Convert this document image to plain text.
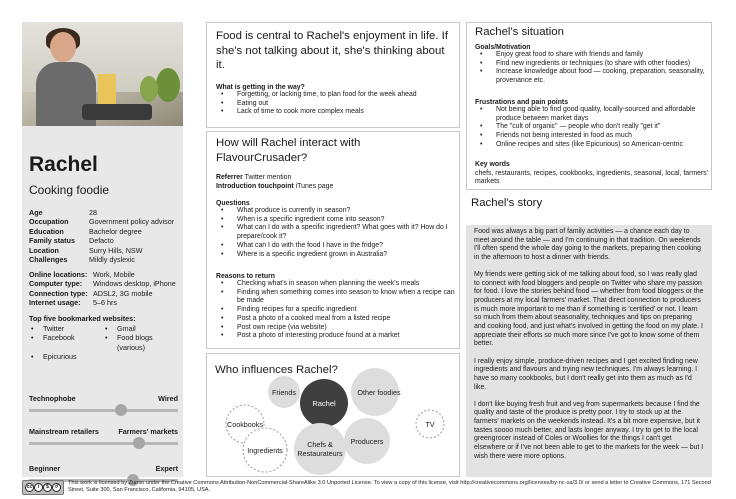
Rachel
Cooking foodie
Age	28
Occupation	Government policy advisor
Education	Bachelor degree
Family status	Defacto
Location	Surry Hills, NSW
Challenges	Mildly dyslexic
Online locations: Work, Mobile
Computer type:	Windows desktop, iPhone
Connection type: ADSL2, 3G mobile
Internet usage:	5–6 hrs
Top five bookmarked websites:
• Twitter	• Gmail
• Facebook	• Food blogs (various)
• Epicurious
Technophobe	Wired
Mainstream retailers	Farmers' markets
Beginner	Expert
Food is central to Rachel's enjoyment in life. If she's not talking about it, she's thinking about it.
What is getting in the way?
• Forgetting, or lacking time, to plan food for the week ahead
• Eating out
• Lack of time to cook more complex meals
How will Rachel interact with FlavourCrusader?
Referrer Twitter mention
Introduction touchpoint iTunes page
Questions
• What produce is currently in season?
• When is a specific ingredient come into season?
• What can I do with a specific ingredient? What goes with it? How do I prepare/cook it?
• What can I do with the food I have in the fridge?
• Where is a specific ingredient grown in Australia?
Reasons to return
• Checking what's in season when planning the week's meals
• Finding when something comes into season to know when a recipe can be made
• Finding recipes for a specific ingredient
• Post a photo of a cooked meal from a listed recipe
• Post own recipe (via website)
• Post a photo of interesting produce found at a market
Who influences Rachel?
Rachel
Friends	Other foodies
Cookbooks
Ingredients
Chefs &
Restaurateurs
Producers
TV
Rachel's situation
Goals/Motivation
• Enjoy great food to share with friends and family
• Find new ingredients or techniques (to share with other foodies)
• Increase knowledge about food — cooking, preparation, seasonality, provenance etc.
Frustrations and pain points
• Not being able to find good quality, locally-sourced and affordable produce between market days
• The "cult of organic" — people who don't really "get it"
• Friends not being interested in food as much
• Online recipes and sites (like Epicurious) so American-centric
Key words
chefs, restaurants, recipes, cookbooks, ingredients, seasonal, local, farmers' markets
Rachel's story

Food was always a big part of family activities — a chance each day to meet around the table — and I'm continuing in that tradition. On weekends I'll often spend the whole day going to the markets, preparing then cooking in the afternoon to host a dinner with friends.

My friends were getting sick of me talking about food, so I was really glad to connect with food bloggers and people on Twitter who share my passion for food. I love the stories behind food — whether from food bloggers or the producers at my local farmers' market. That direct connection to producers is much more important to me than if something is 'certified' or not. I learn so much from them about seasonality, techniques and tips on preparing and cooking food, and just what's involved in getting the food on my plate. I appreciate their efforts so much more since I've got to know some of them better.

I really enjoy simple, produce-driven recipes and I get excited finding new ingredients and flavours and trying new techniques. I'm always learning. I have so many cookbooks, but I don't really get into them as much as I'd like.

I don't like buying fresh fruit and veg from supermarkets because I find the quality and taste of the produce is pretty poor. I try to stock up at the farmers' markets on the weekends instead. It's a bit more expensive, but it tastes soooo much better, and lasts longer anyway. I try to get to the local greengrocer instead of Coles or Woollies for the things I can't get elsewhere or if I've not been able to get to the markets for the week — but I wish there were more options.

cc	i	$	↺
This work is licensed by Zumio under the Creative Commons Attribution-NonCommercial-ShareAlike 3.0 Unported License. To view a copy of this license, visit http://creativecommons.org/licenses/by-nc-sa/3.0/ or send a letter to Creative Commons, 171 Second Street, Suite 300, San Francisco, California, 94105, USA.
